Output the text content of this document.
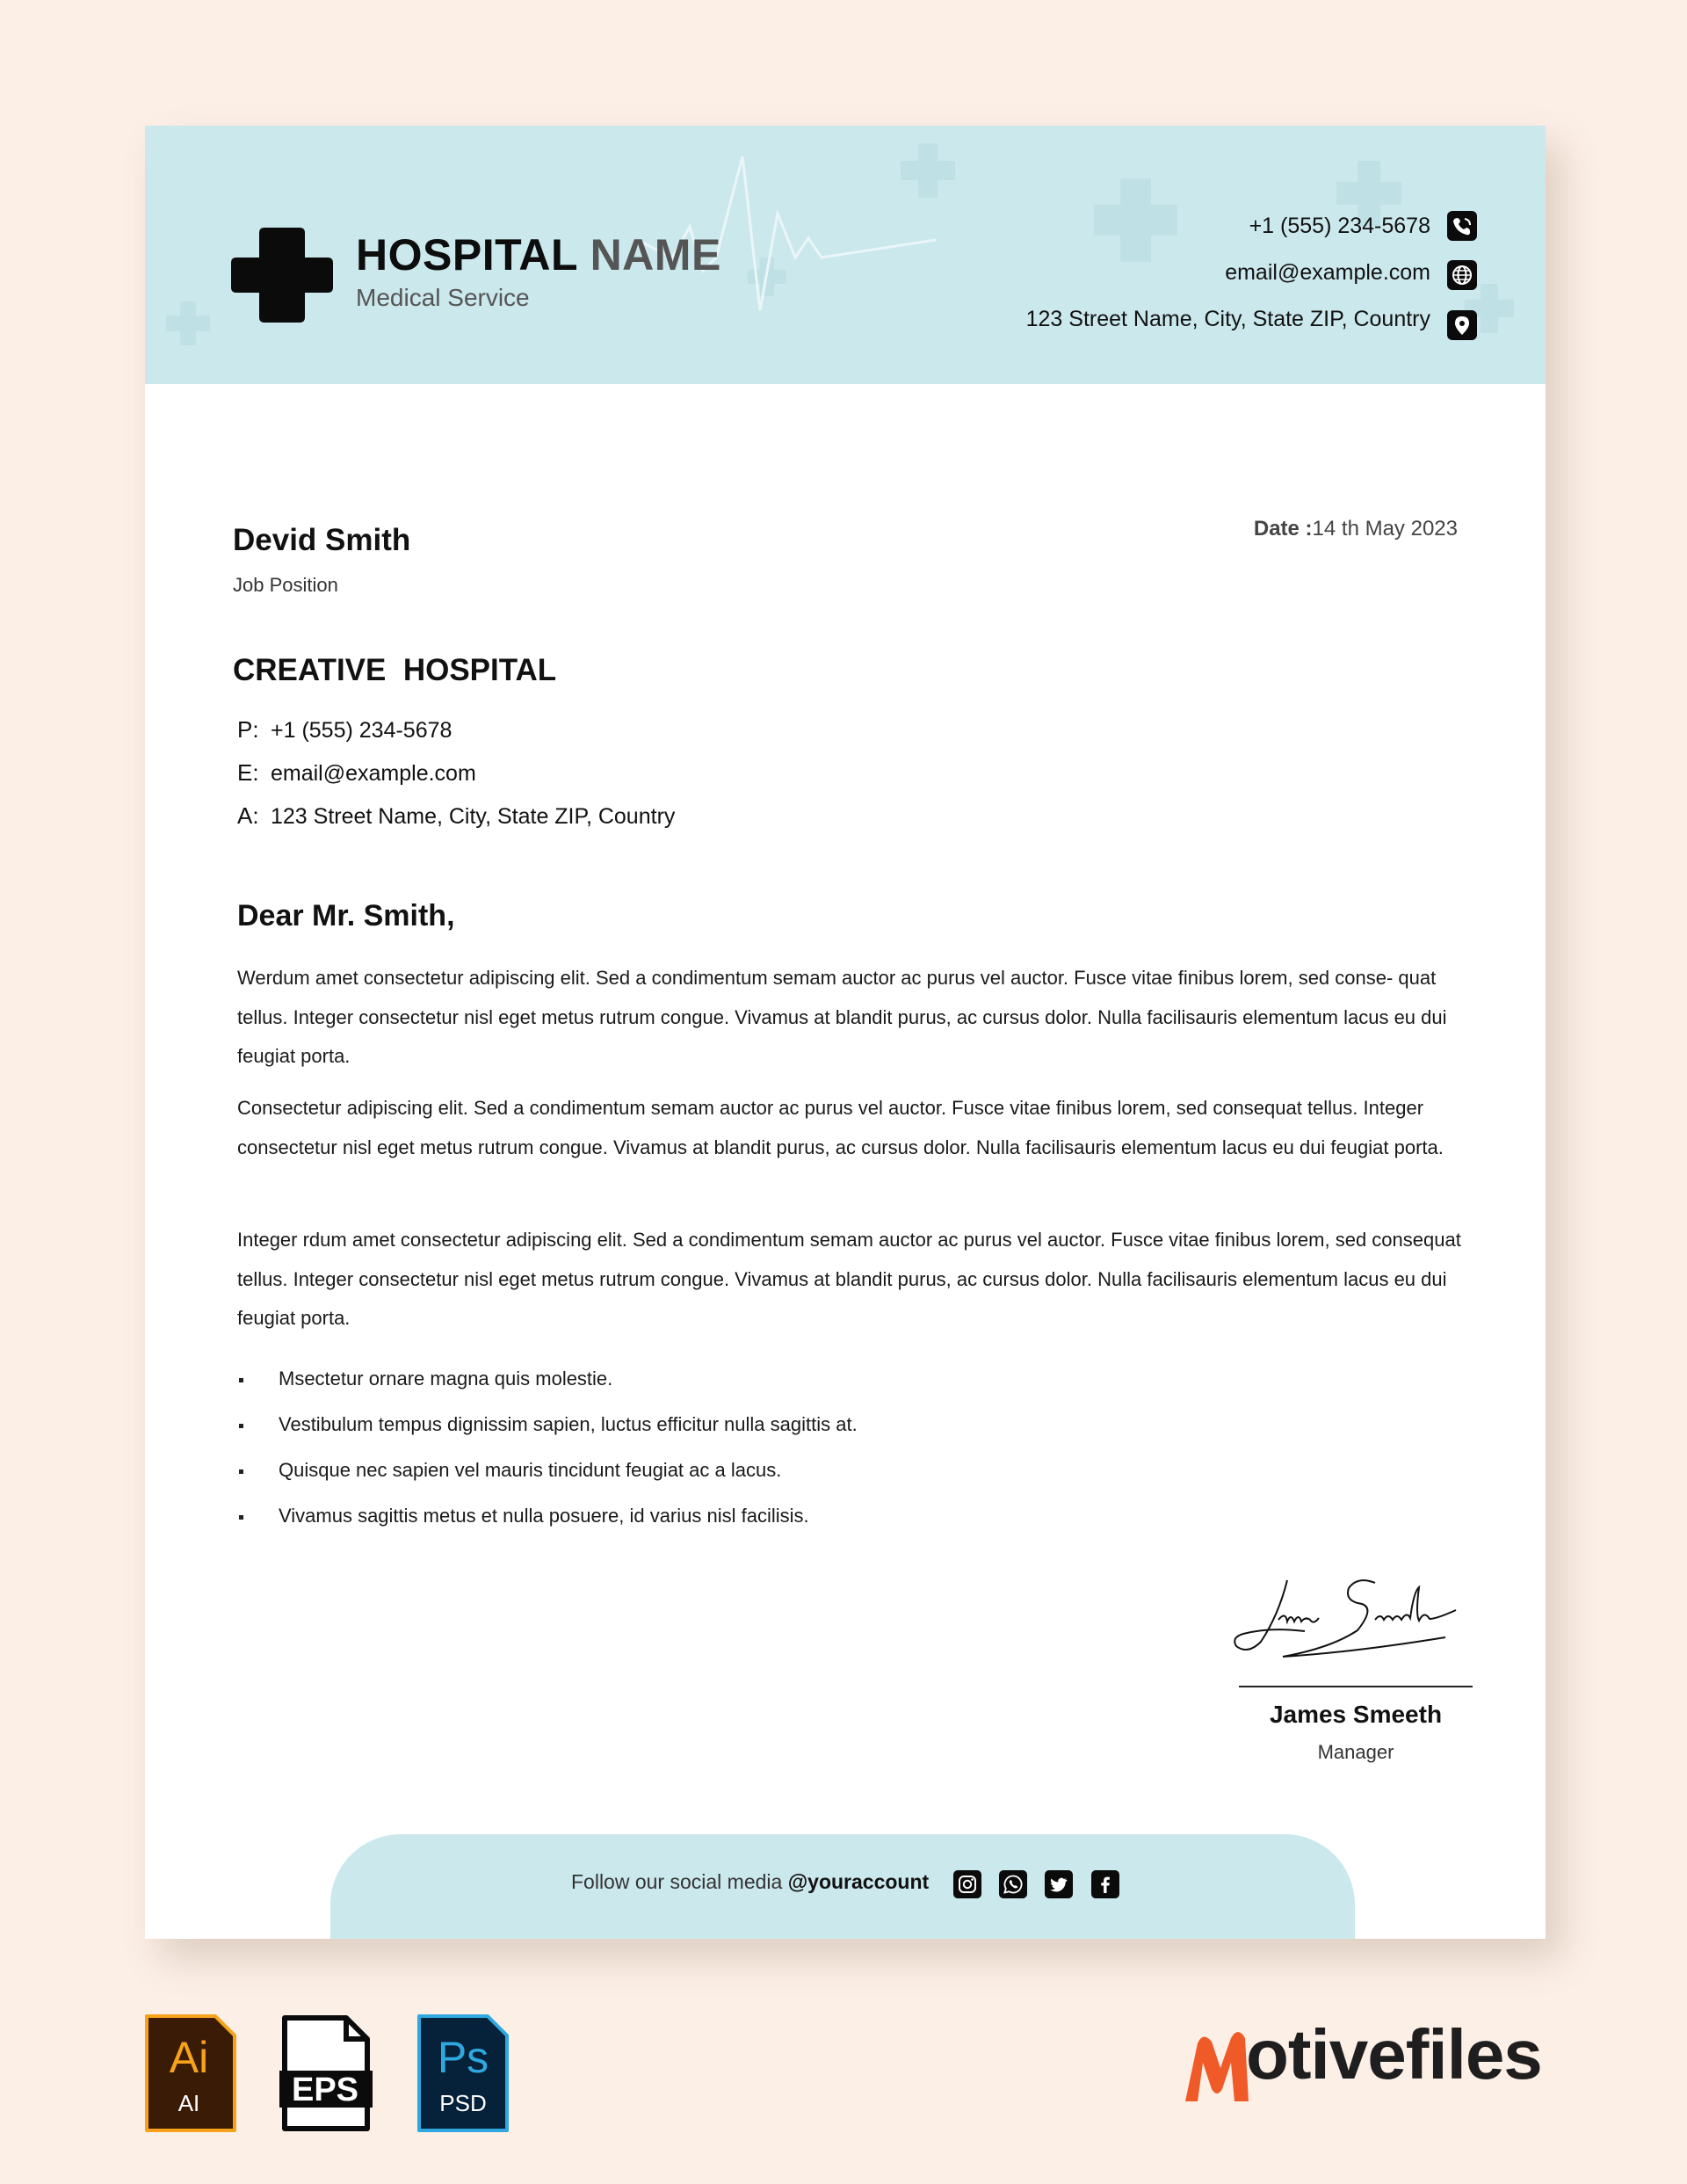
HOSPITAL NAME
Medical Service
+1 (555) 234-5678
email@example.com
123 Street Name, City, State ZIP, Country
Devid Smith
Job Position
Date :14 th May 2023
CREATIVE  HOSPITAL
P: +1 (555) 234-5678
E: email@example.com
A: 123 Street Name, City, State ZIP, Country
Dear Mr. Smith,

Werdum amet consectetur adipiscing elit. Sed a condimentum semam auctor ac purus vel auctor. Fusce vitae finibus lorem, sed conse- quat tellus. Integer consectetur nisl eget metus rutrum congue. Vivamus at blandit purus, ac cursus dolor. Nulla facilisauris elementum lacus eu dui feugiat porta.

Consectetur adipiscing elit. Sed a condimentum semam auctor ac purus vel auctor. Fusce vitae finibus lorem, sed consequat tellus. Integer consectetur nisl eget metus rutrum congue. Vivamus at blandit purus, ac cursus dolor. Nulla facilisauris elementum lacus eu dui feugiat porta.

Integer rdum amet consectetur adipiscing elit. Sed a condimentum semam auctor ac purus vel auctor. Fusce vitae finibus lorem, sed consequat tellus. Integer consectetur nisl eget metus rutrum congue. Vivamus at blandit purus, ac cursus dolor. Nulla facilisauris elementum lacus eu dui feugiat porta.

Msectetur ornare magna quis molestie.
Vestibulum tempus dignissim sapien, luctus efficitur nulla sagittis at.
Quisque nec sapien vel mauris tincidunt feugiat ac a lacus.
Vivamus sagittis metus et nulla posuere, id varius nisl facilisis.
James Smeeth
Manager
Follow our social media @youraccount
Ai
AI	EPS
Ps
PSD
otivefiles
